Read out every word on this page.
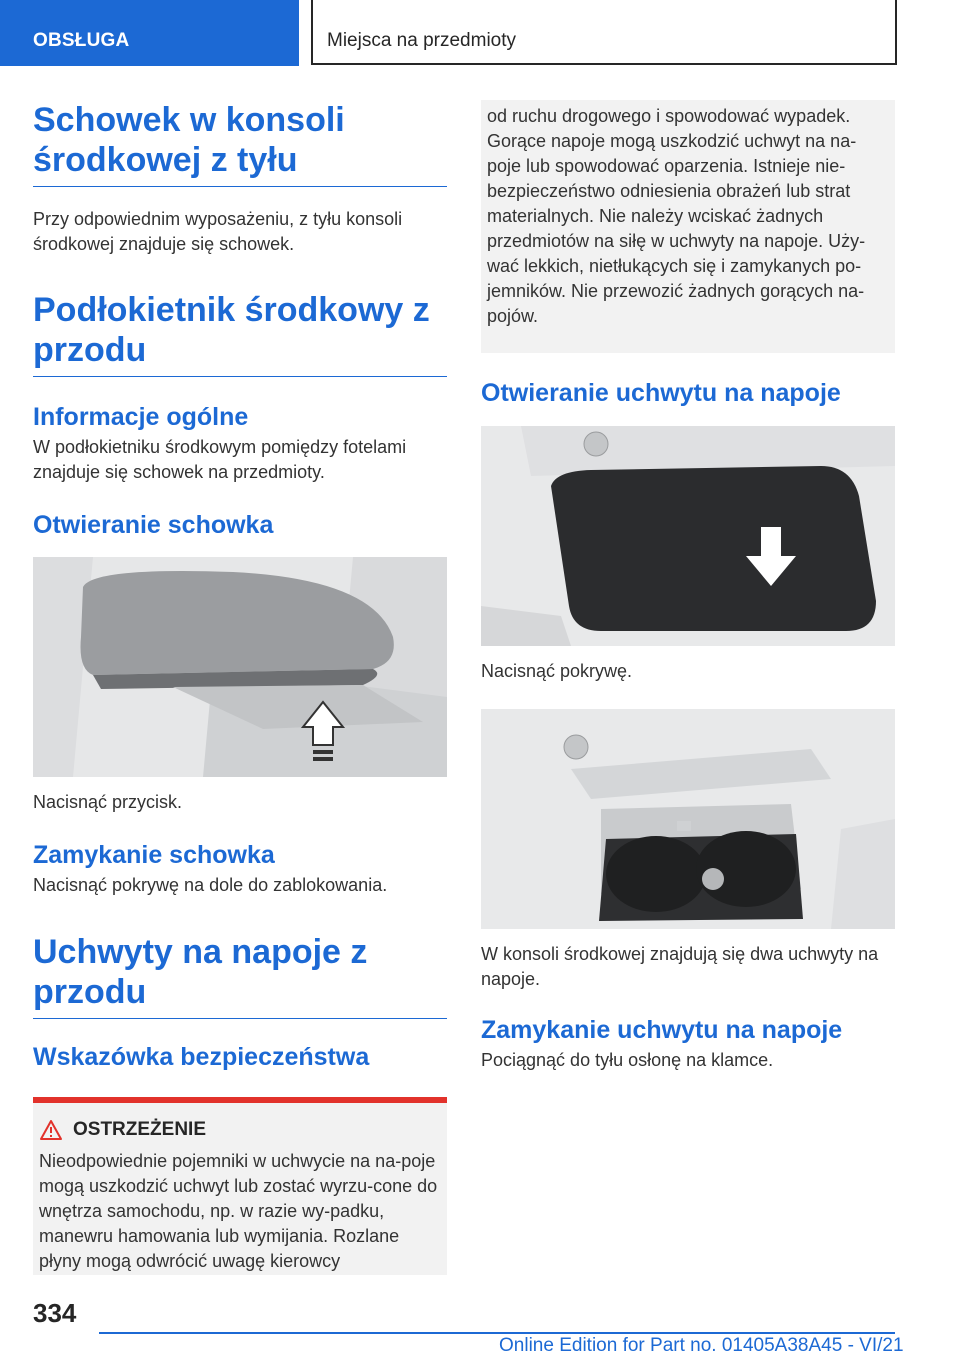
OBSŁUGA	Miejsca na przedmioty
Schowek w konsoli środkowej z tyłu

Przy odpowiednim wyposażeniu, z tyłu konsoli środkowej znajduje się schowek.

Podłokietnik środkowy z przodu
Informacje ogólne

W podłokietniku środkowym pomiędzy fotelami znajduje się schowek na przedmioty.

Otwieranie schowka

Nacisnąć przycisk.

Zamykanie schowka

Nacisnąć pokrywę na dole do zablokowania.

Uchwyty na napoje z przodu
Wskazówka bezpieczeństwa
OSTRZEŻENIE

Nieodpowiednie pojemniki w uchwycie na na-poje mogą uszkodzić uchwyt lub zostać wyrzu-cone do wnętrza samochodu, np. w razie wy-padku, manewru hamowania lub wymijania. Rozlane płyny mogą odwrócić uwagę kierowcy

od ruchu drogowego i spowodować wypadek. Gorące napoje mogą uszkodzić uchwyt na na-poje lub spowodować oparzenia. Istnieje nie-bezpieczeństwo odniesienia obrażeń lub strat materialnych. Nie należy wciskać żadnych przedmiotów na siłę w uchwyty na napoje. Uży-wać lekkich, nietłukących się i zamykanych po-jemników. Nie przewozić żadnych gorących na-pojów.

Otwieranie uchwytu na napoje

Nacisnąć pokrywę.

W konsoli środkowej znajdują się dwa uchwyty na napoje.

Zamykanie uchwytu na napoje

Pociągnąć do tyłu osłonę na klamce.

334
Online Edition for Part no. 01405A38A45 - VI/21
